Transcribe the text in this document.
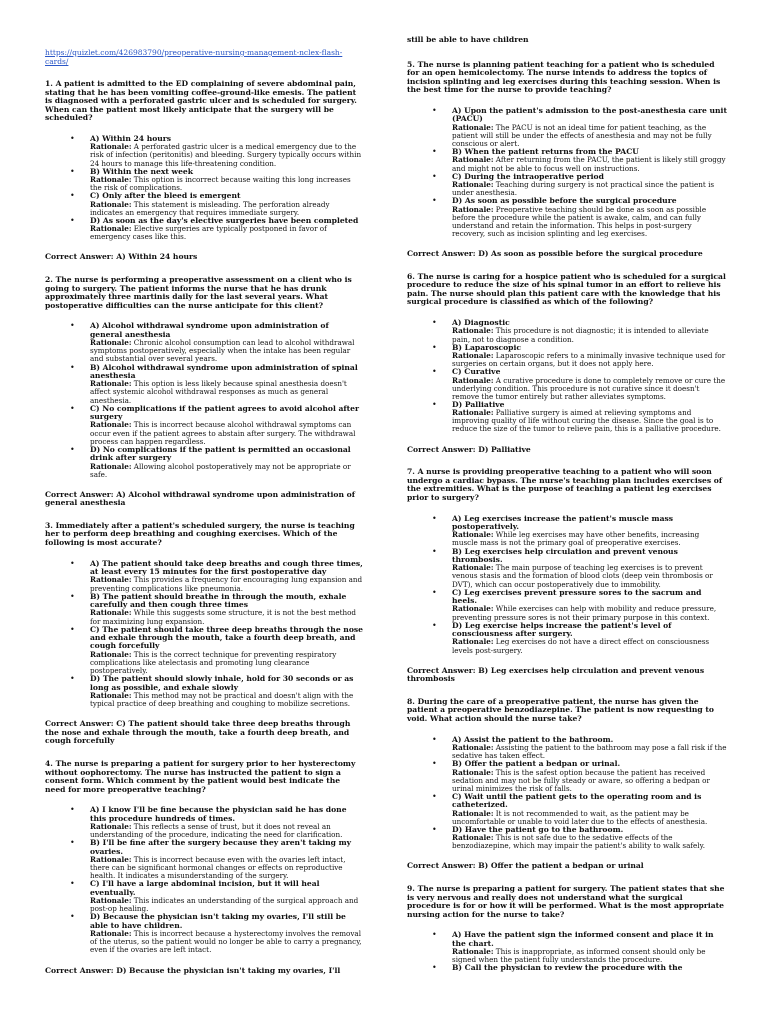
https://quizlet.com/426983790/preoperative-nursing-management-nclex-flash-cards/

1. A patient is admitted to the ED complaining of severe abdominal pain, stating that he has been vomiting coffee-ground-like emesis. The patient is diagnosed with a perforated gastric ulcer and is scheduled for surgery. When can the patient most likely anticipate that the surgery will be scheduled?

• A) Within 24 hours
Rationale: A perforated gastric ulcer is a medical emergency due to the risk of infection (peritonitis) and bleeding. Surgery typically occurs within 24 hours to manage this life-threatening condition.
• B) Within the next week
Rationale: This option is incorrect because waiting this long increases the risk of complications.
• C) Only after the bleed is emergent
Rationale: This statement is misleading. The perforation already indicates an emergency that requires immediate surgery.
• D) As soon as the day's elective surgeries have been completed
Rationale: Elective surgeries are typically postponed in favor of emergency cases like this.

Correct Answer: A) Within 24 hours

2. The nurse is performing a preoperative assessment on a client who is going to surgery. The patient informs the nurse that he has drunk approximately three martinis daily for the last several years. What postoperative difficulties can the nurse anticipate for this client?

• A) Alcohol withdrawal syndrome upon administration of general anesthesia
Rationale: Chronic alcohol consumption can lead to alcohol withdrawal symptoms postoperatively, especially when the intake has been regular and substantial over several years.
• B) Alcohol withdrawal syndrome upon administration of spinal anesthesia
Rationale: This option is less likely because spinal anesthesia doesn't affect systemic alcohol withdrawal responses as much as general anesthesia.
• C) No complications if the patient agrees to avoid alcohol after surgery
Rationale: This is incorrect because alcohol withdrawal symptoms can occur even if the patient agrees to abstain after surgery. The withdrawal process can happen regardless.
• D) No complications if the patient is permitted an occasional drink after surgery
Rationale: Allowing alcohol postoperatively may not be appropriate or safe.

Correct Answer: A) Alcohol withdrawal syndrome upon administration of general anesthesia

3. Immediately after a patient's scheduled surgery, the nurse is teaching her to perform deep breathing and coughing exercises. Which of the following is most accurate?

• A) The patient should take deep breaths and cough three times, at least every 15 minutes for the first postoperative day
Rationale: This provides a frequency for encouraging lung expansion and preventing complications like pneumonia.
• B) The patient should breathe in through the mouth, exhale carefully and then cough three times
Rationale: While this suggests some structure, it is not the best method for maximizing lung expansion.
• C) The patient should take three deep breaths through the nose and exhale through the mouth, take a fourth deep breath, and cough forcefully
Rationale: This is the correct technique for preventing respiratory complications like atelectasis and promoting lung clearance postoperatively.
• D) The patient should slowly inhale, hold for 30 seconds or as long as possible, and exhale slowly
Rationale: This method may not be practical and doesn't align with the typical practice of deep breathing and coughing to mobilize secretions.

Correct Answer: C) The patient should take three deep breaths through the nose and exhale through the mouth, take a fourth deep breath, and cough forcefully

4. The nurse is preparing a patient for surgery prior to her hysterectomy without oophorectomy. The nurse has instructed the patient to sign a consent form. Which comment by the patient would best indicate the need for more preoperative teaching?

• A) I know I'll be fine because the physician said he has done this procedure hundreds of times.
Rationale: This reflects a sense of trust, but it does not reveal an understanding of the procedure, indicating the need for clarification.
• B) I'll be fine after the surgery because they aren't taking my ovaries.
Rationale: This is incorrect because even with the ovaries left intact, there can be significant hormonal changes or effects on reproductive health. It indicates a misunderstanding of the surgery.
• C) I'll have a large abdominal incision, but it will heal eventually.
Rationale: This indicates an understanding of the surgical approach and post-op healing.
• D) Because the physician isn't taking my ovaries, I'll still be able to have children.
Rationale: This is incorrect because a hysterectomy involves the removal of the uterus, so the patient would no longer be able to carry a pregnancy, even if the ovaries are left intact.

Correct Answer: D) Because the physician isn't taking my ovaries, I'll

still be able to have children

5. The nurse is planning patient teaching for a patient who is scheduled for an open hemicolectomy. The nurse intends to address the topics of incision splinting and leg exercises during this teaching session. When is the best time for the nurse to provide teaching?

• A) Upon the patient's admission to the post-anesthesia care unit (PACU)
Rationale: The PACU is not an ideal time for patient teaching, as the patient will still be under the effects of anesthesia and may not be fully conscious or alert.
• B) When the patient returns from the PACU
Rationale: After returning from the PACU, the patient is likely still groggy and might not be able to focus well on instructions.
• C) During the intraoperative period
Rationale: Teaching during surgery is not practical since the patient is under anesthesia.
• D) As soon as possible before the surgical procedure
Rationale: Preoperative teaching should be done as soon as possible before the procedure while the patient is awake, calm, and can fully understand and retain the information. This helps in post-surgery recovery, such as incision splinting and leg exercises.

Correct Answer: D) As soon as possible before the surgical procedure

6. The nurse is caring for a hospice patient who is scheduled for a surgical procedure to reduce the size of his spinal tumor in an effort to relieve his pain. The nurse should plan this patient care with the knowledge that his surgical procedure is classified as which of the following?

• A) Diagnostic
Rationale: This procedure is not diagnostic; it is intended to alleviate pain, not to diagnose a condition.
• B) Laparoscopic
Rationale: Laparoscopic refers to a minimally invasive technique used for surgeries on certain organs, but it does not apply here.
• C) Curative
Rationale: A curative procedure is done to completely remove or cure the underlying condition. This procedure is not curative since it doesn't remove the tumor entirely but rather alleviates symptoms.
• D) Palliative
Rationale: Palliative surgery is aimed at relieving symptoms and improving quality of life without curing the disease. Since the goal is to reduce the size of the tumor to relieve pain, this is a palliative procedure.

Correct Answer: D) Palliative

7. A nurse is providing preoperative teaching to a patient who will soon undergo a cardiac bypass. The nurse's teaching plan includes exercises of the extremities. What is the purpose of teaching a patient leg exercises prior to surgery?

• A) Leg exercises increase the patient's muscle mass postoperatively.
Rationale: While leg exercises may have other benefits, increasing muscle mass is not the primary goal of preoperative exercises.
• B) Leg exercises help circulation and prevent venous thrombosis.
Rationale: The main purpose of teaching leg exercises is to prevent venous stasis and the formation of blood clots (deep vein thrombosis or DVT), which can occur postoperatively due to immobility.
• C) Leg exercises prevent pressure sores to the sacrum and heels.
Rationale: While exercises can help with mobility and reduce pressure, preventing pressure sores is not their primary purpose in this context.
• D) Leg exercise helps increase the patient's level of consciousness after surgery.
Rationale: Leg exercises do not have a direct effect on consciousness levels post-surgery.

Correct Answer: B) Leg exercises help circulation and prevent venous thrombosis

8. During the care of a preoperative patient, the nurse has given the patient a preoperative benzodiazepine. The patient is now requesting to void. What action should the nurse take?

• A) Assist the patient to the bathroom.
Rationale: Assisting the patient to the bathroom may pose a fall risk if the sedative has taken effect.
• B) Offer the patient a bedpan or urinal.
Rationale: This is the safest option because the patient has received sedation and may not be fully steady or aware, so offering a bedpan or urinal minimizes the risk of falls.
• C) Wait until the patient gets to the operating room and is catheterized.
Rationale: It is not recommended to wait, as the patient may be uncomfortable or unable to void later due to the effects of anesthesia.
• D) Have the patient go to the bathroom.
Rationale: This is not safe due to the sedative effects of the benzodiazepine, which may impair the patient's ability to walk safely.

Correct Answer: B) Offer the patient a bedpan or urinal

9. The nurse is preparing a patient for surgery. The patient states that she is very nervous and really does not understand what the surgical procedure is for or how it will be performed. What is the most appropriate nursing action for the nurse to take?

• A) Have the patient sign the informed consent and place it in the chart.
Rationale: This is inappropriate, as informed consent should only be signed when the patient fully understands the procedure.
• B) Call the physician to review the procedure with the
